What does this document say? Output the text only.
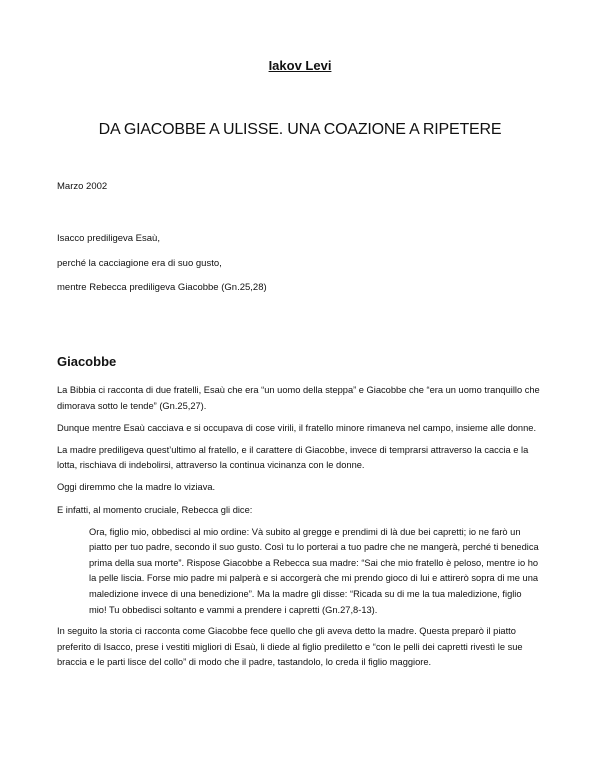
Iakov Levi
DA GIACOBBE A ULISSE. UNA COAZIONE A RIPETERE
Marzo 2002

Isacco prediligeva Esaù,

perché la cacciagione era di suo gusto,

mentre Rebecca prediligeva Giacobbe (Gn.25,28)

Giacobbe

La Bibbia ci racconta di due fratelli, Esaù che era “un uomo della steppa” e Giacobbe che “era un uomo tranquillo che dimorava sotto le tende” (Gn.25,27).

Dunque mentre Esaù cacciava e si occupava di cose virili, il fratello minore rimaneva nel campo, insieme alle donne.

La madre prediligeva quest’ultimo al fratello, e il carattere di Giacobbe, invece di temprarsi attraverso la caccia e la lotta, rischiava di indebolirsi, attraverso la continua vicinanza con le donne.

Oggi diremmo che la madre lo viziava.

E infatti, al momento cruciale, Rebecca gli dice:

Ora, figlio mio, obbedisci al mio ordine: Và subito al gregge e prendimi di là due bei capretti; io ne farò un piatto per tuo padre, secondo il suo gusto. Così tu lo porterai a tuo padre che ne mangerà, perché ti benedica prima della sua morte”. Rispose Giacobbe a Rebecca sua madre: “Sai che mio fratello è peloso, mentre io ho la pelle liscia. Forse mio padre mi palperà e si accorgerà che mi prendo gioco di lui e attirerò sopra di me una maledizione invece di una benedizione”. Ma la madre gli disse: “Ricada su di me la tua maledizione, figlio mio! Tu obbedisci soltanto e vammi a prendere i capretti (Gn.27,8-13).

In seguito la storia ci racconta come Giacobbe fece quello che gli aveva detto la madre. Questa preparò il piatto preferito di Isacco, prese i vestiti migliori di Esaù, li diede al figlio prediletto e “con le pelli dei capretti rivestì le sue braccia e le parti lisce del collo” di modo che il padre, tastandolo, lo creda il figlio maggiore.
